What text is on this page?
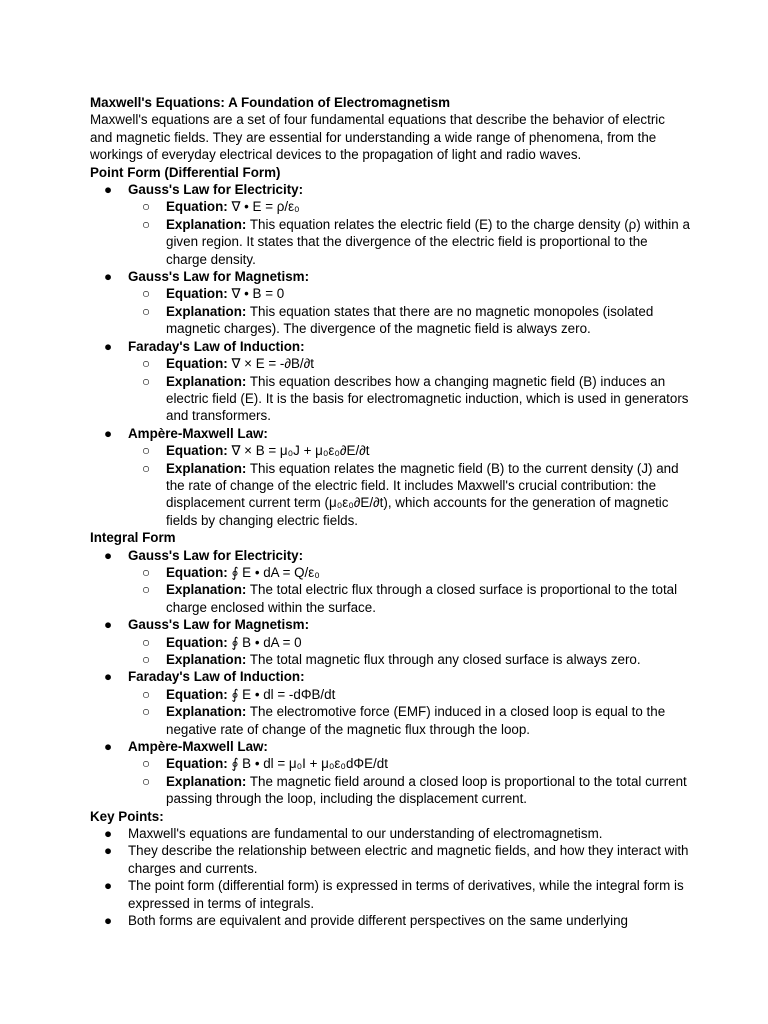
Maxwell's Equations: A Foundation of Electromagnetism

Maxwell's equations are a set of four fundamental equations that describe the behavior of electric and magnetic fields. They are essential for understanding a wide range of phenomena, from the workings of everyday electrical devices to the propagation of light and radio waves.

Point Form (Differential Form)
● Gauss's Law for Electricity:
○ Equation: ∇ • E = ρ/ε₀
○ Explanation: This equation relates the electric field (E) to the charge density (ρ) within a given region. It states that the divergence of the electric field is proportional to the charge density.
● Gauss's Law for Magnetism:
○ Equation: ∇ • B = 0
○ Explanation: This equation states that there are no magnetic monopoles (isolated magnetic charges). The divergence of the magnetic field is always zero.
● Faraday's Law of Induction:
○ Equation: ∇ × E = -∂B/∂t
○ Explanation: This equation describes how a changing magnetic field (B) induces an electric field (E). It is the basis for electromagnetic induction, which is used in generators and transformers.
● Ampère-Maxwell Law:
○ Equation: ∇ × B = μ₀J + μ₀ε₀∂E/∂t
○ Explanation: This equation relates the magnetic field (B) to the current density (J) and the rate of change of the electric field. It includes Maxwell's crucial contribution: the displacement current term (μ₀ε₀∂E/∂t), which accounts for the generation of magnetic fields by changing electric fields.
Integral Form
● Gauss's Law for Electricity:
○ Equation: ∮ E • dA = Q/ε₀
○ Explanation: The total electric flux through a closed surface is proportional to the total charge enclosed within the surface.
● Gauss's Law for Magnetism:
○ Equation: ∮ B • dA = 0
○ Explanation: The total magnetic flux through any closed surface is always zero.
● Faraday's Law of Induction:
○ Equation: ∮ E • dl = -dΦB/dt
○ Explanation: The electromotive force (EMF) induced in a closed loop is equal to the negative rate of change of the magnetic flux through the loop.
● Ampère-Maxwell Law:
○ Equation: ∮ B • dl = μ₀I + μ₀ε₀dΦE/dt
○ Explanation: The magnetic field around a closed loop is proportional to the total current passing through the loop, including the displacement current.
Key Points:
● Maxwell's equations are fundamental to our understanding of electromagnetism.
● They describe the relationship between electric and magnetic fields, and how they interact with charges and currents.
● The point form (differential form) is expressed in terms of derivatives, while the integral form is expressed in terms of integrals.
● Both forms are equivalent and provide different perspectives on the same underlying
